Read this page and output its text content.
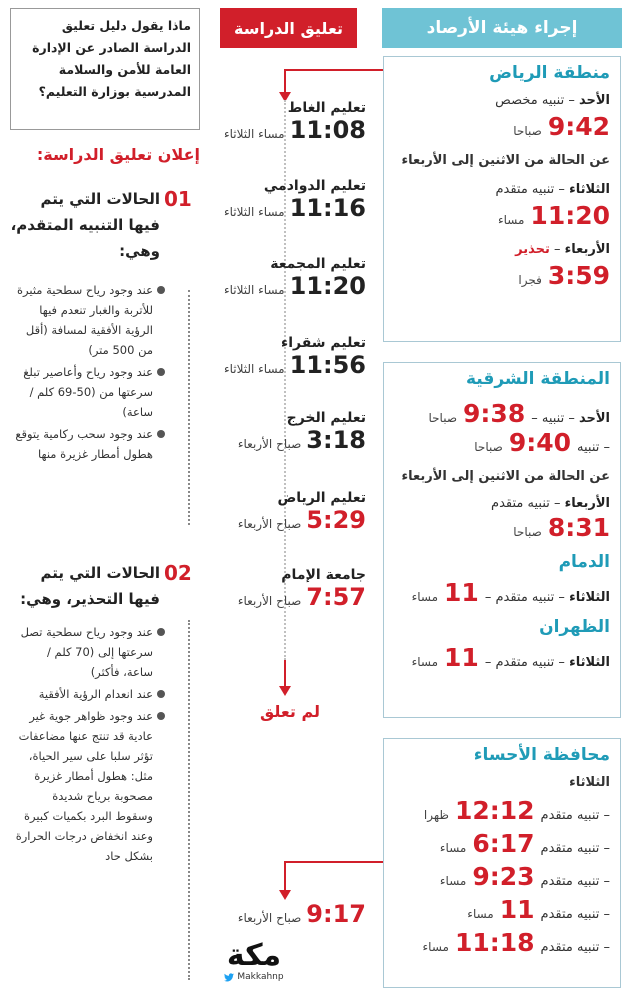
إجراء هيئة الأرصاد
تعليق الدراسة
منطقة الرياض
الأحد – تنبيه مخصص
صباحا 9:42
عن الحالة من الاثنين إلى الأربعاء
الثلاثاء – تنبيه متقدم
مساء 11:20
الأربعاء – تحذير
فجرا 3:59
المنطقة الشرقية
صباحا 9:38	الأحد – تنبيه –
صباحا 9:40 تنبيه –
عن الحالة من الاثنين إلى الأربعاء
الأربعاء – تنبيه متقدم
صباحا 8:31
الدمام
مساء 11	الثلاثاء – تنبيه متقدم –
الظهران
مساء 11	الثلاثاء – تنبيه متقدم –
محافظة الأحساء
الثلاثاء
ظهرا 12:12 تنبيه متقدم –
مساء 6:17 تنبيه متقدم –
مساء 9:23 تنبيه متقدم –
مساء 11 تنبيه متقدم –
مساء 11:18 تنبيه متقدم –
تعليم الغاط
مساء الثلاثاء 11:08
تعليم الدوادمي
مساء الثلاثاء 11:16
تعليم المجمعة
مساء الثلاثاء 11:20
تعليم شقراء
مساء الثلاثاء 11:56
تعليم الخرج
صباح الأربعاء 3:18
تعليم الرياض
صباح الأربعاء 5:29
جامعة الإمام
صباح الأربعاء 7:57
لم تعلق
صباح الأربعاء 9:17
مكة
Makkahnp
ماذا يقول دليل تعليق الدراسة الصادر عن الإدارة العامة للأمن والسلامة المدرسية بوزارة التعليم؟
إعلان تعليق الدراسة:
01
الحالات التي يتم فيها التنبيه المتقدم، وهي:
عند وجود رياح سطحية مثيرة للأتربة والغبار تنعدم فيها الرؤية الأفقية لمسافة (أقل من 500 متر)
عند وجود رياح وأعاصير تبلغ سرعتها من (50-69 كلم / ساعة)
عند وجود سحب ركامية يتوقع هطول أمطار غزيرة منها
02
الحالات التي يتم فيها التحذير، وهي:
عند وجود رياح سطحية تصل سرعتها إلى (70 كلم / ساعة، فأكثر)
عند انعدام الرؤية الأفقية
عند وجود ظواهر جوية غير عادية قد تنتج عنها مضاعفات تؤثر سلبا على سير الحياة، مثل: هطول أمطار غزيرة مصحوبة برياح شديدة وسقوط البرد بكميات كبيرة وعند انخفاض درجات الحرارة بشكل حاد
